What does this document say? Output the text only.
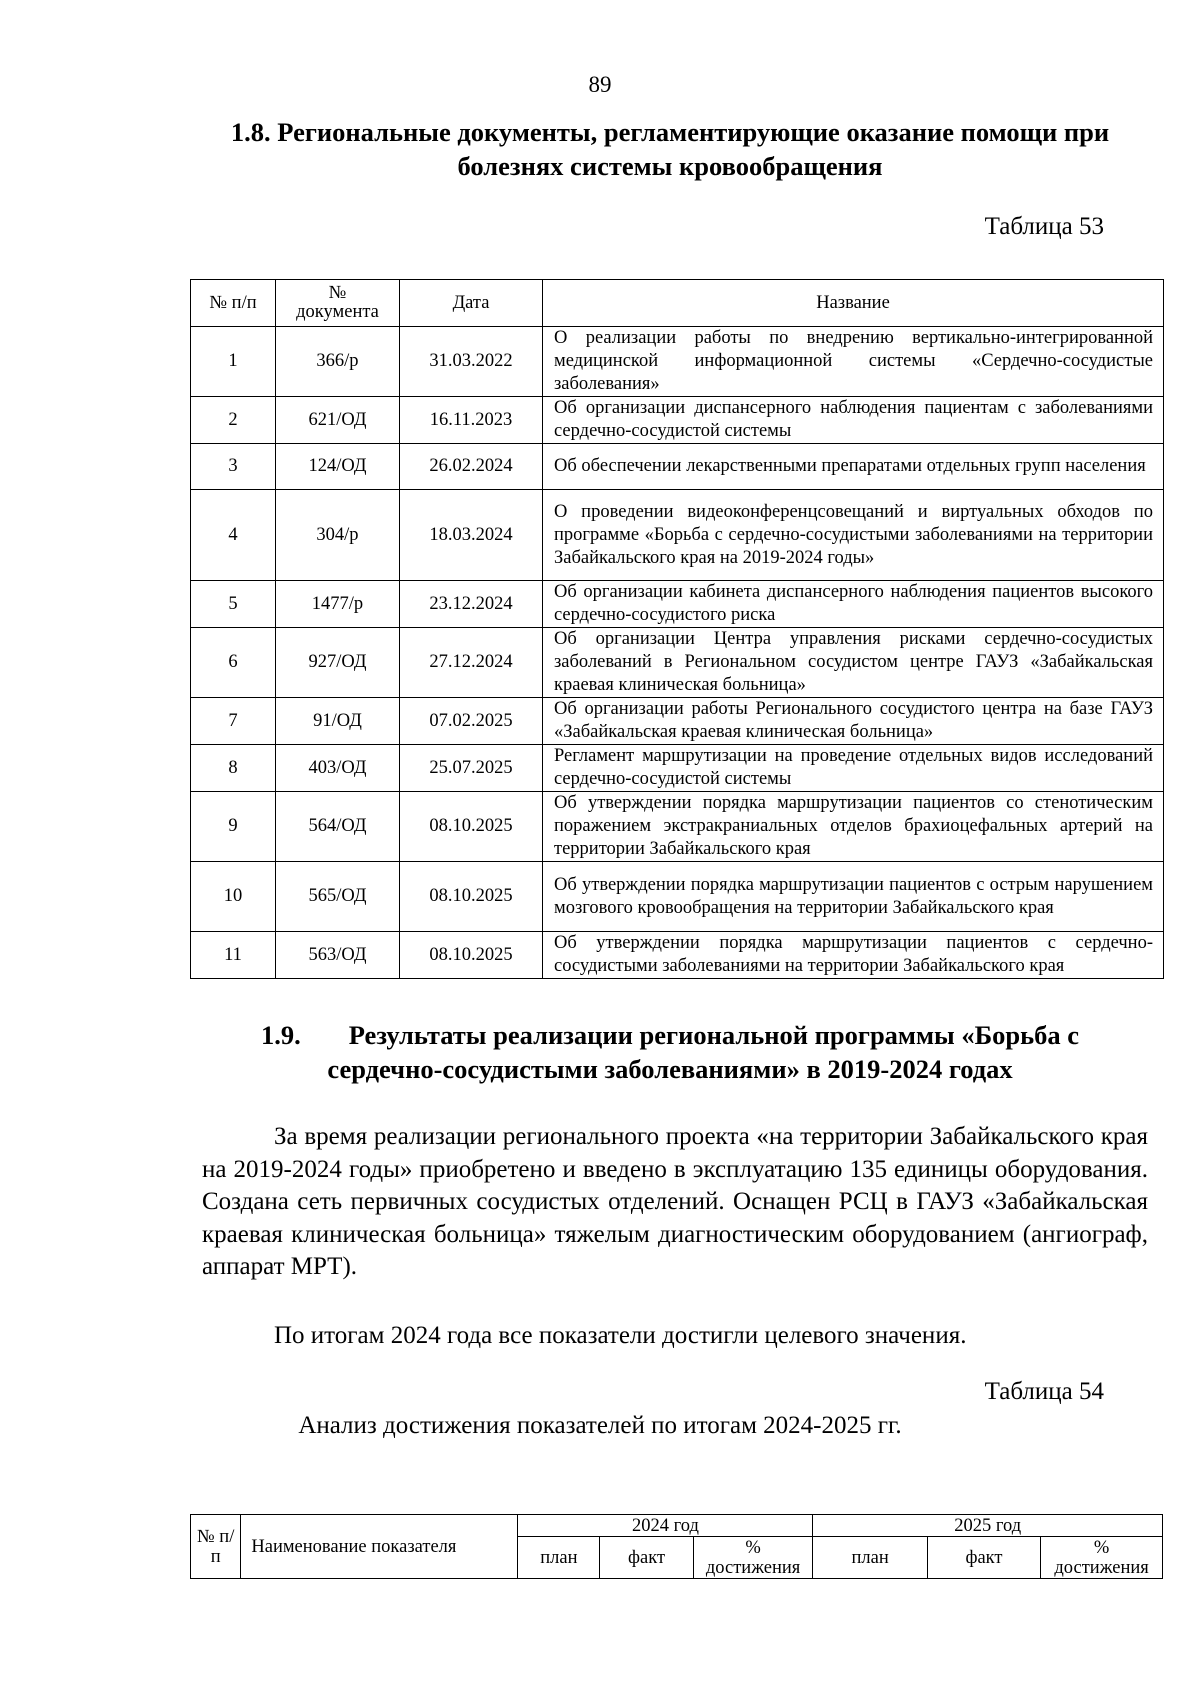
89
1.8. Региональные документы, регламентирующие оказание помощи при болезнях системы кровообращения
Таблица 53
№ п/п	№ документа	Дата	Название
1	366/р	31.03.2022	О реализации работы по внедрению вертикально-интегрированной медицинской информационной системы «Сердечно-сосудистые заболевания»
2	621/ОД	16.11.2023	Об организации диспансерного наблюдения пациентам с заболеваниями сердечно-сосудистой системы
3	124/ОД	26.02.2024	Об обеспечении лекарственными препаратами отдельных групп населения
4	304/р	18.03.2024	О проведении видеоконференцсовещаний и виртуальных обходов по программе «Борьба с сердечно-сосудистыми заболеваниями на территории Забайкальского края на 2019-2024 годы»
5	1477/р	23.12.2024	Об организации кабинета диспансерного наблюдения пациентов высокого сердечно-сосудистого риска
6	927/ОД	27.12.2024	Об организации Центра управления рисками сердечно-сосудистых заболеваний в Региональном сосудистом центре ГАУЗ «Забайкальская краевая клиническая больница»
7	91/ОД	07.02.2025	Об организации работы Регионального сосудистого центра на базе ГАУЗ «Забайкальская краевая клиническая больница»
8	403/ОД	25.07.2025	Регламент маршрутизации на проведение отдельных видов исследований сердечно-сосудистой системы
9	564/ОД	08.10.2025	Об утверждении порядка маршрутизации пациентов со стенотическим поражением экстракраниальных отделов брахиоцефальных артерий на территории Забайкальского края
10	565/ОД	08.10.2025	Об утверждении порядка маршрутизации пациентов с острым нарушением мозгового кровообращения на территории Забайкальского края
11	563/ОД	08.10.2025	Об утверждении порядка маршрутизации пациентов с сердечно-сосудистыми заболеваниями на территории Забайкальского края
1.9. Результаты реализации региональной программы «Борьба с
сердечно-сосудистыми заболеваниями» в 2019-2024 годах
За время реализации регионального проекта «на территории Забайкальского края на 2019-2024 годы» приобретено и введено в эксплуатацию 135 единицы оборудования. Создана сеть первичных сосудистых отделений. Оснащен РСЦ в ГАУЗ «Забайкальская краевая клиническая больница» тяжелым диагностическим оборудованием (ангиограф, аппарат МРТ).
По итогам 2024 года все показатели достигли целевого значения.
Таблица 54
Анализ достижения показателей по итогам 2024-2025 гг.
№ п/п	Наименование показателя	2024 год			2025 год		
		план	факт	% достижения	план	факт	% достижения
